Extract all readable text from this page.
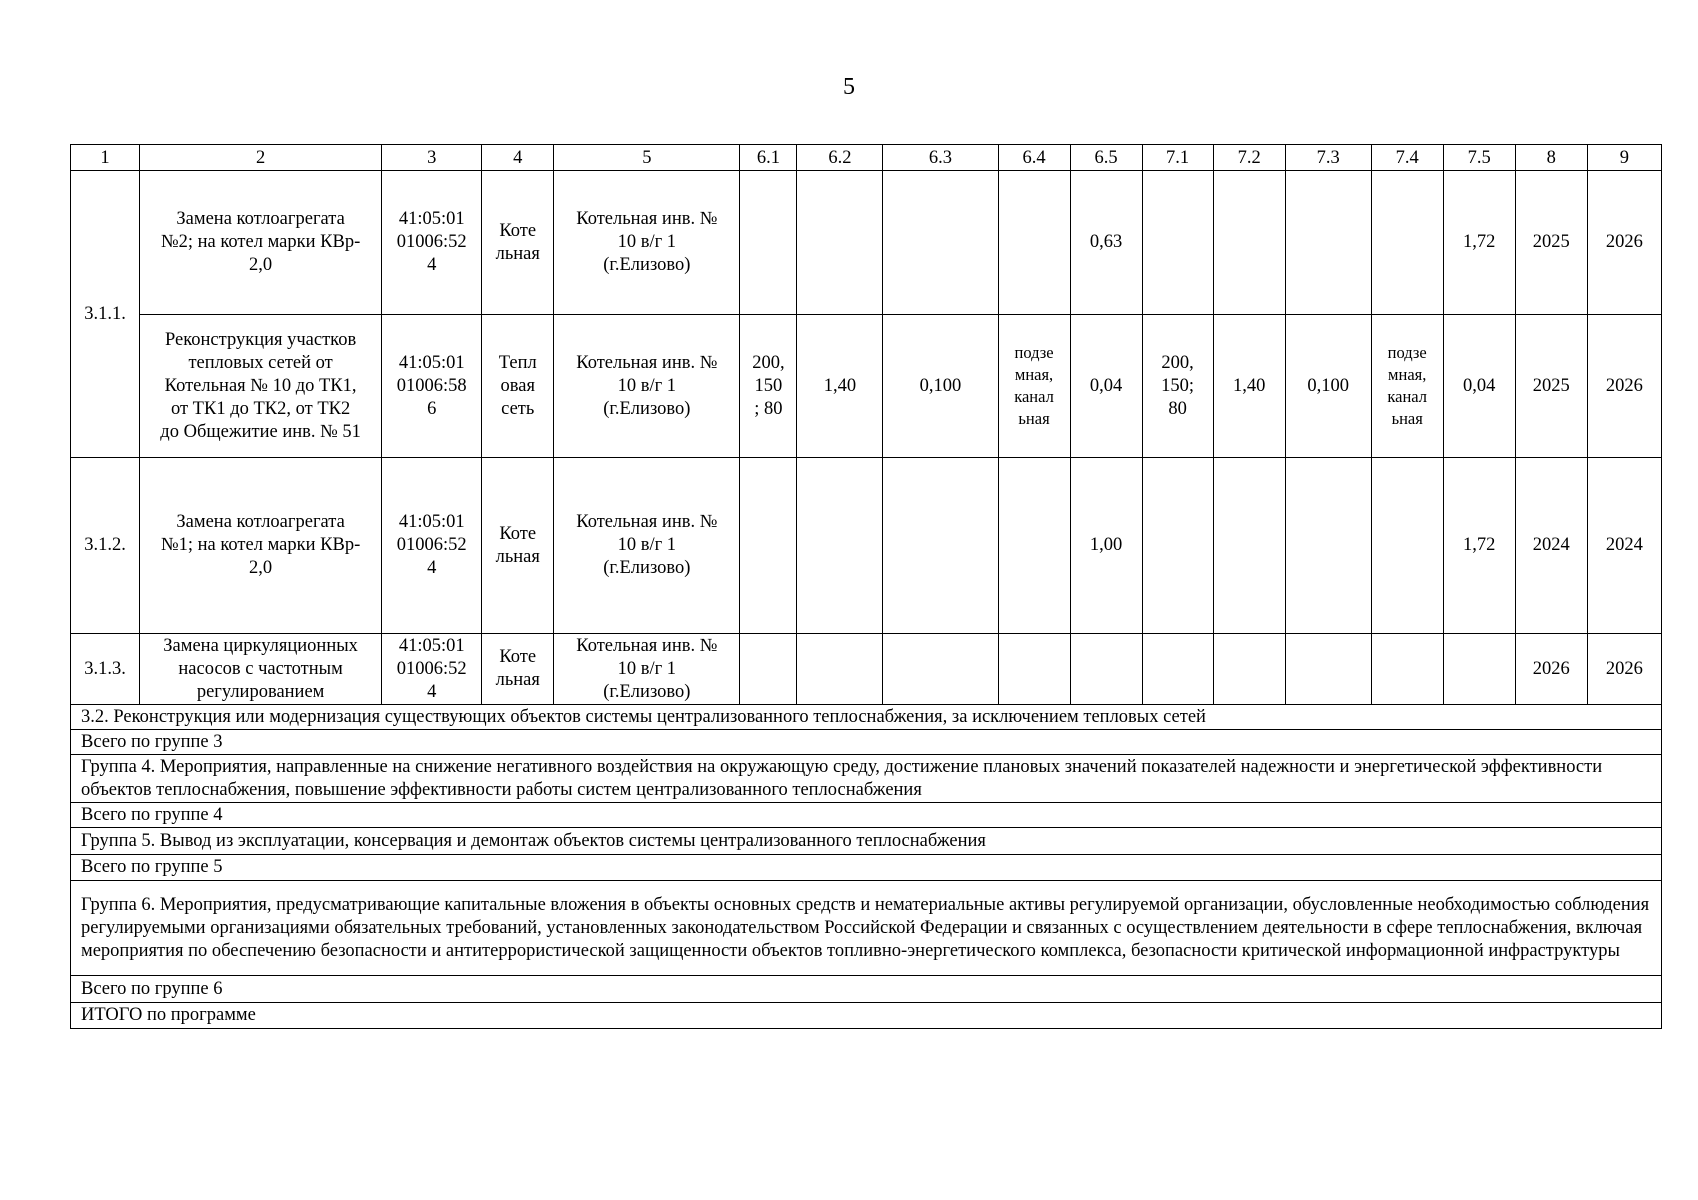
5
1	2	3	4	5	6.1	6.2	6.3	6.4	6.5	7.1	7.2	7.3	7.4	7.5	8	9
3.1.1.	Замена котлоагрегата
№2; на котел марки КВр-
2,0	41:05:01
01006:52
4	Коте
льная	Котельная инв. №
10 в/г 1
(г.Елизово)					0,63					1,72	2025	2026
	Реконструкция участков
тепловых сетей от
Котельная № 10 до ТК1,
от ТК1 до ТК2, от ТК2
до Общежитие инв. № 51	41:05:01
01006:58
6	Тепл
овая
сеть	Котельная инв. №
10 в/г 1
(г.Елизово)	200,
150
; 80	1,40	0,100	подзе
мная,
канал
ьная	0,04	200,
150;
80	1,40	0,100	подзе
мная,
канал
ьная	0,04	2025	2026
3.1.2.	Замена котлоагрегата
№1; на котел марки КВр-
2,0	41:05:01
01006:52
4	Коте
льная	Котельная инв. №
10 в/г 1
(г.Елизово)					1,00					1,72	2024	2024
3.1.3.	Замена циркуляционных
насосов с частотным
регулированием	41:05:01
01006:52
4	Коте
льная	Котельная инв. №
10 в/г 1
(г.Елизово)											2026	2026
3.2. Реконструкция или модернизация существующих объектов системы централизованного теплоснабжения, за исключением тепловых сетей																
Всего по группе 3																
Группа 4. Мероприятия, направленные на снижение негативного воздействия на окружающую среду, достижение плановых значений показателей надежности и энергетической эффективности объектов теплоснабжения, повышение эффективности работы систем централизованного теплоснабжения																
Всего по группе 4																
Группа 5. Вывод из эксплуатации, консервация и демонтаж объектов системы централизованного теплоснабжения																
Всего по группе 5																
Группа 6. Мероприятия, предусматривающие капитальные вложения в объекты основных средств и нематериальные активы регулируемой организации, обусловленные необходимостью соблюдения регулируемыми организациями обязательных требований, установленных законодательством Российской Федерации и связанных с осуществлением деятельности в сфере теплоснабжения, включая мероприятия по обеспечению безопасности и антитеррористической защищенности объектов топливно-энергетического комплекса, безопасности критической информационной инфраструктуры																
Всего по группе 6																
ИТОГО по программе																
